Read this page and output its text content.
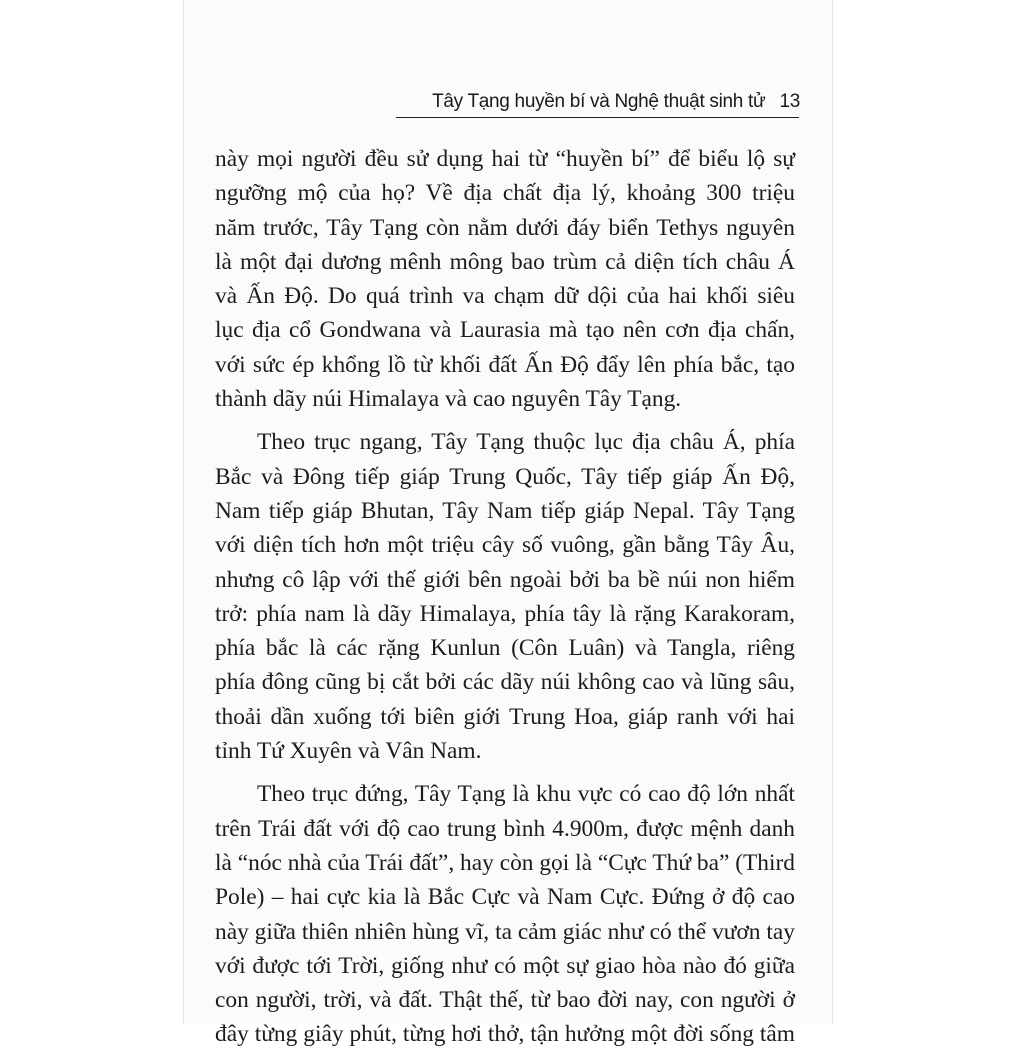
Tây Tạng huyền bí và Nghệ thuật sinh tử 13

này mọi người đều sử dụng hai từ “huyền bí” để biểu lộ sự
ngưỡng mộ của họ? Về địa chất địa lý, khoảng 300 triệu
năm trước, Tây Tạng còn nằm dưới đáy biển Tethys nguyên
là một đại dương mênh mông bao trùm cả diện tích châu Á
và Ấn Độ. Do quá trình va chạm dữ dội của hai khối siêu
lục địa cổ Gondwana và Laurasia mà tạo nên cơn địa chấn,
với sức ép khổng lồ từ khối đất Ấn Độ đẩy lên phía bắc, tạo
thành dãy núi Himalaya và cao nguyên Tây Tạng.

Theo trục ngang, Tây Tạng thuộc lục địa châu Á, phía
Bắc và Đông tiếp giáp Trung Quốc, Tây tiếp giáp Ấn Độ,
Nam tiếp giáp Bhutan, Tây Nam tiếp giáp Nepal. Tây Tạng
với diện tích hơn một triệu cây số vuông, gần bằng Tây Âu,
nhưng cô lập với thế giới bên ngoài bởi ba bề núi non hiểm
trở: phía nam là dãy Himalaya, phía tây là rặng Karakoram,
phía bắc là các rặng Kunlun (Côn Luân) và Tangla, riêng
phía đông cũng bị cắt bởi các dãy núi không cao và lũng sâu,
thoải dần xuống tới biên giới Trung Hoa, giáp ranh với hai
tỉnh Tứ Xuyên và Vân Nam.

Theo trục đứng, Tây Tạng là khu vực có cao độ lớn nhất
trên Trái đất với độ cao trung bình 4.900m, được mệnh danh
là “nóc nhà của Trái đất”, hay còn gọi là “Cực Thứ ba” (Third
Pole) – hai cực kia là Bắc Cực và Nam Cực. Đứng ở độ cao
này giữa thiên nhiên hùng vĩ, ta cảm giác như có thể vươn tay
với được tới Trời, giống như có một sự giao hòa nào đó giữa
con người, trời, và đất. Thật thế, từ bao đời nay, con người ở
đây từng giây phút, từng hơi thở, tận hưởng một đời sống tâm
